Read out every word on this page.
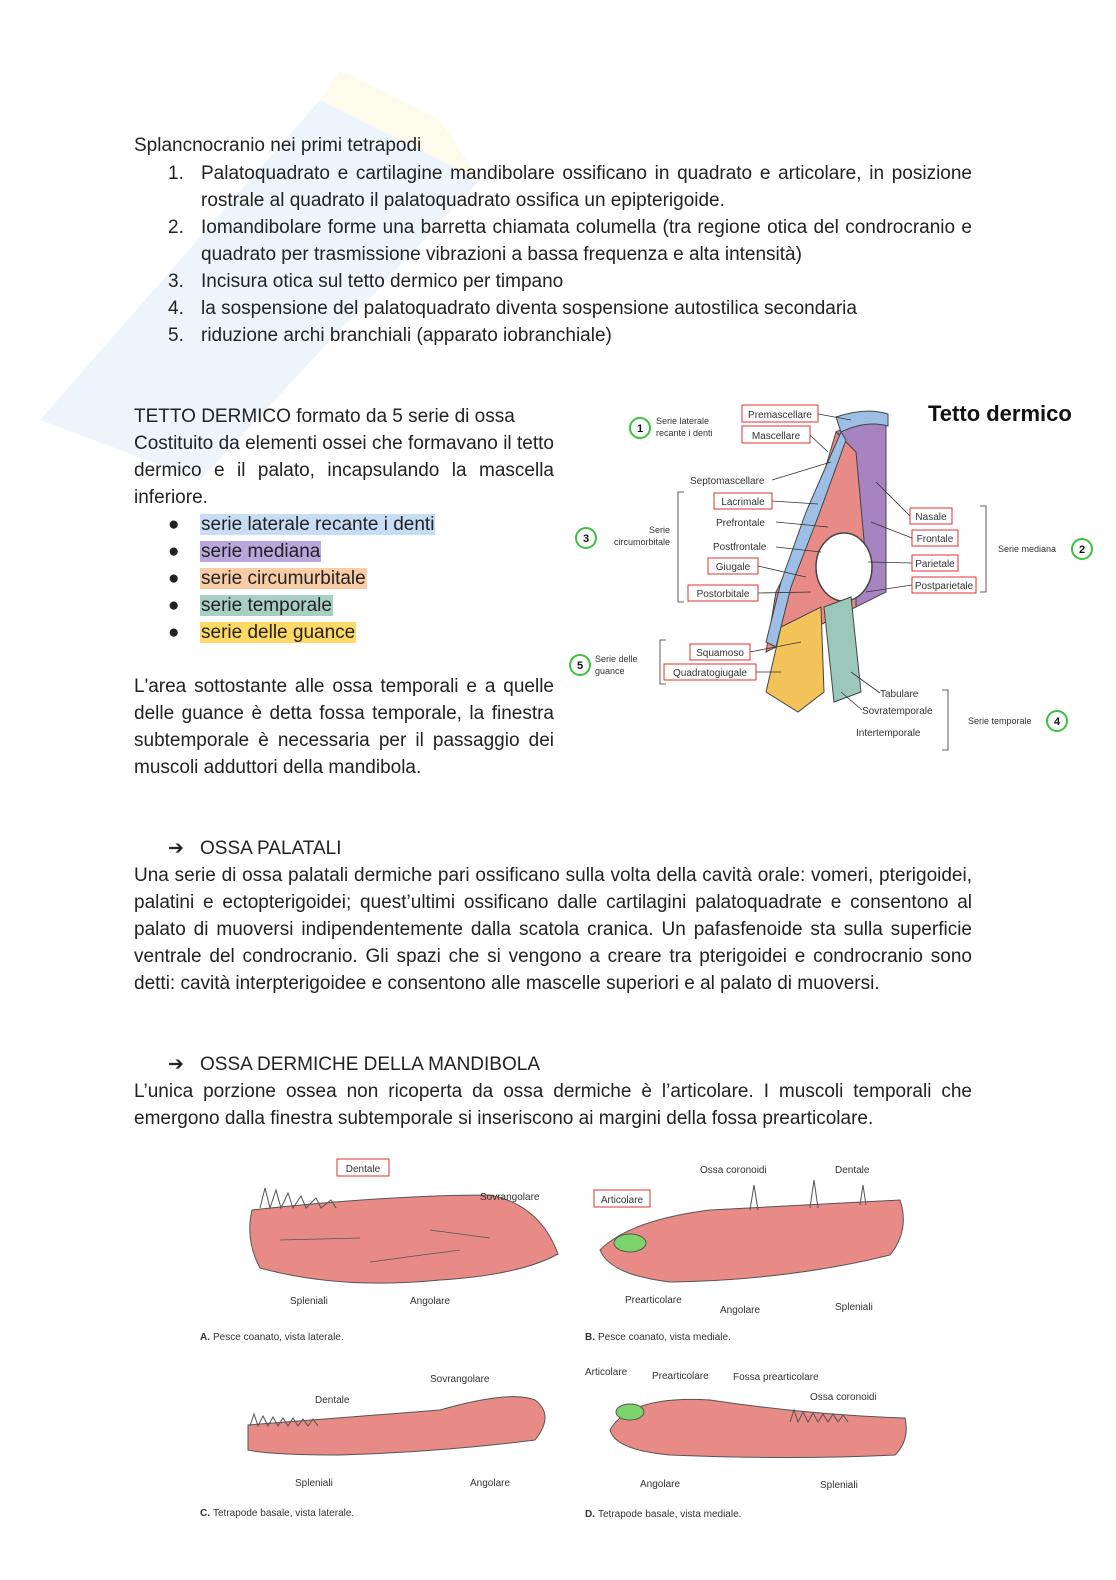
Splancnocranio nei primi tetrapodi
1. Palatoquadrato e cartilagine mandibolare ossificano in quadrato e articolare, in posizione rostrale al quadrato il palatoquadrato ossifica un epipterigoide.
2. Iomandibolare forme una barretta chiamata columella (tra regione otica del condrocranio e quadrato per trasmissione vibrazioni a bassa frequenza e alta intensità)
3. Incisura otica sul tetto dermico per timpano
4. la sospensione del palatoquadrato diventa sospensione autostilica secondaria
5. riduzione archi branchiali (apparato iobranchiale)
TETTO DERMICO formato da 5 serie di ossa
Costituito da elementi ossei che formavano il tetto dermico e il palato, incapsulando la mascella inferiore.
● serie laterale recante i denti
● serie mediana
● serie circumurbitale
● serie temporale
● serie delle guance
L'area sottostante alle ossa temporali e a quelle delle guance è detta fossa temporale, la finestra subtemporale è necessaria per il passaggio dei muscoli adduttori della mandibola.
Tetto dermico
Premascellare
Mascellare
Lacrimale
Giugale
Postorbitale
Nasale
Frontale
Parietale
Postparietale
Squamoso
Quadratogiugale
Septomascellare
Prefrontale
Postfrontale
Tabulare
Sovratemporale
Intertemporale
1
Serie laterale
recante i denti
3
Serie
circumorbitale
Serie mediana 2
5
Serie delle
guance
Serie temporale 4
➔ OSSA PALATALI
Una serie di ossa palatali dermiche pari ossificano sulla volta della cavità orale: vomeri, pterigoidei, palatini e ectopterigoidei; quest’ultimi ossificano dalle cartilagini palatoquadrate e consentono al palato di muoversi indipendentemente dalla scatola cranica. Un pafasfenoide sta sulla superficie ventrale del condrocranio. Gli spazi che si vengono a creare tra pterigoidei e condrocranio sono detti: cavità interpterigoidee e consentono alle mascelle superiori e al palato di muoversi.
➔ OSSA DERMICHE DELLA MANDIBOLA
L’unica porzione ossea non ricoperta da ossa dermiche è l’articolare. I muscoli temporali che emergono dalla finestra subtemporale si inseriscono ai margini della fossa prearticolare.
Dentale
Sovrangolare
Spleniali	Angolare
A. Pesce coanato, vista laterale.
Articolare
Ossa coronoidi	Dentale
Prearticolare
Angolare	Spleniali
B. Pesce coanato, vista mediale.
Dentale
Sovrangolare
Spleniali	Angolare
C. Tetrapode basale, vista laterale.
Articolare Prearticolare Fossa prearticolare
Ossa coronoidi
Angolare	Spleniali
D. Tetrapode basale, vista mediale.
